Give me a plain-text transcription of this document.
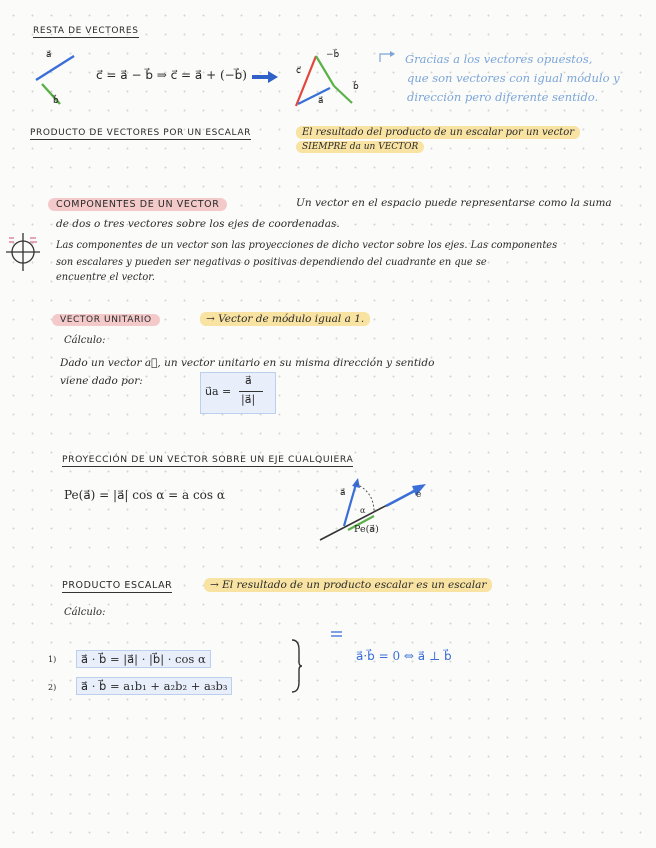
RESTA DE VECTORES
a⃗
b⃗
c⃗ = a⃗ − b⃗ ⇒ c⃗ = a⃗ + (−b⃗)
−b⃗
c⃗
a⃗
b⃗
Gracias a los vectores opuestos,
que son vectores con igual módulo y
dirección pero diferente sentido.
PRODUCTO DE VECTORES POR UN ESCALAR	El resultado del producto de un escalar por un vector
SIEMPRE da un VECTOR
COMPONENTES DE UN VECTOR	Un vector en el espacio puede representarse como la suma
de dos o tres vectores sobre los ejes de coordenadas.
Las componentes de un vector son las proyecciones de dicho vector sobre los ejes. Las componentes
son escalares y pueden ser negativas o positivas dependiendo del cuadrante en que se
encuentre el vector.
VECTOR UNITARIO	→ Vector de módulo igual a 1.
Cálculo:
Dado un vector a⃗, un vector unitario en su misma dirección y sentido
viene dado por:
u⃗a =
a⃗
|a⃗|
PROYECCIÓN DE UN VECTOR SOBRE UN EJE CUALQUIERA
Pe(a⃗) = |a⃗| cos α = a cos α	a⃗	e
α
Pe(a⃗)
PRODUCTO ESCALAR	→ El resultado de un producto escalar es un escalar
Cálculo:
1)	a⃗ · b⃗ = |a⃗| · |b⃗| · cos α
2)	a⃗ · b⃗ = a₁b₁ + a₂b₂ + a₃b₃
a⃗·b⃗ = 0 ⇔ a⃗ ⊥ b⃗
